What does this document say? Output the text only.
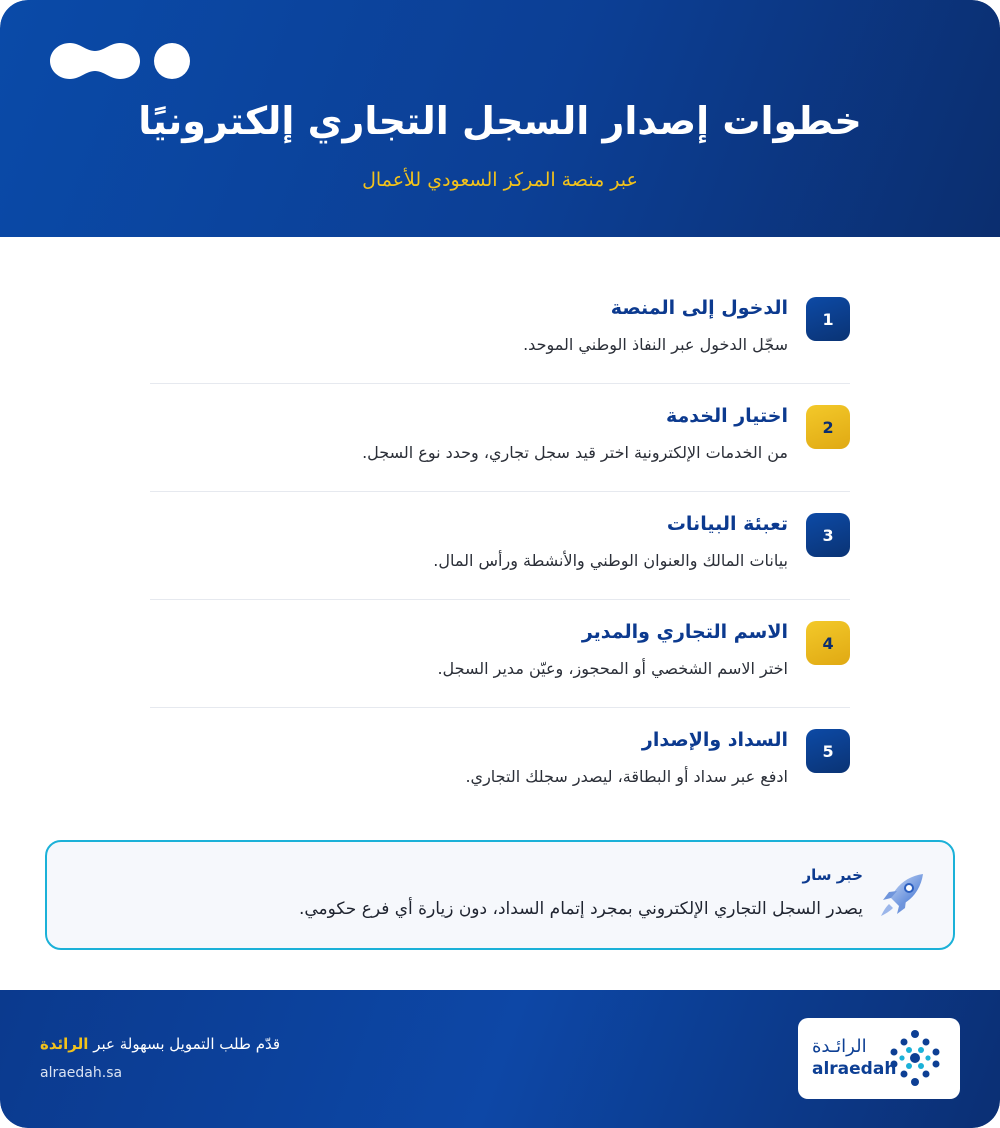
خطوات إصدار السجل التجاري إلكترونيًا
عبر منصة المركز السعودي للأعمال
1
الدخول إلى المنصة
سجّل الدخول عبر النفاذ الوطني الموحد.
2
اختيار الخدمة
من الخدمات الإلكترونية اختر قيد سجل تجاري، وحدد نوع السجل.
3
تعبئة البيانات
بيانات المالك والعنوان الوطني والأنشطة ورأس المال.
4
الاسم التجاري والمدير
اختر الاسم الشخصي أو المحجوز، وعيّن مدير السجل.
5
السداد والإصدار
ادفع عبر سداد أو البطاقة، ليصدر سجلك التجاري.
خبر سار
يصدر السجل التجاري الإلكتروني بمجرد إتمام السداد، دون زيارة أي فرع حكومي.
قدّم طلب التمويل بسهولة عبر الرائدة
alraedah.sa
الرائـدة
alraedah
